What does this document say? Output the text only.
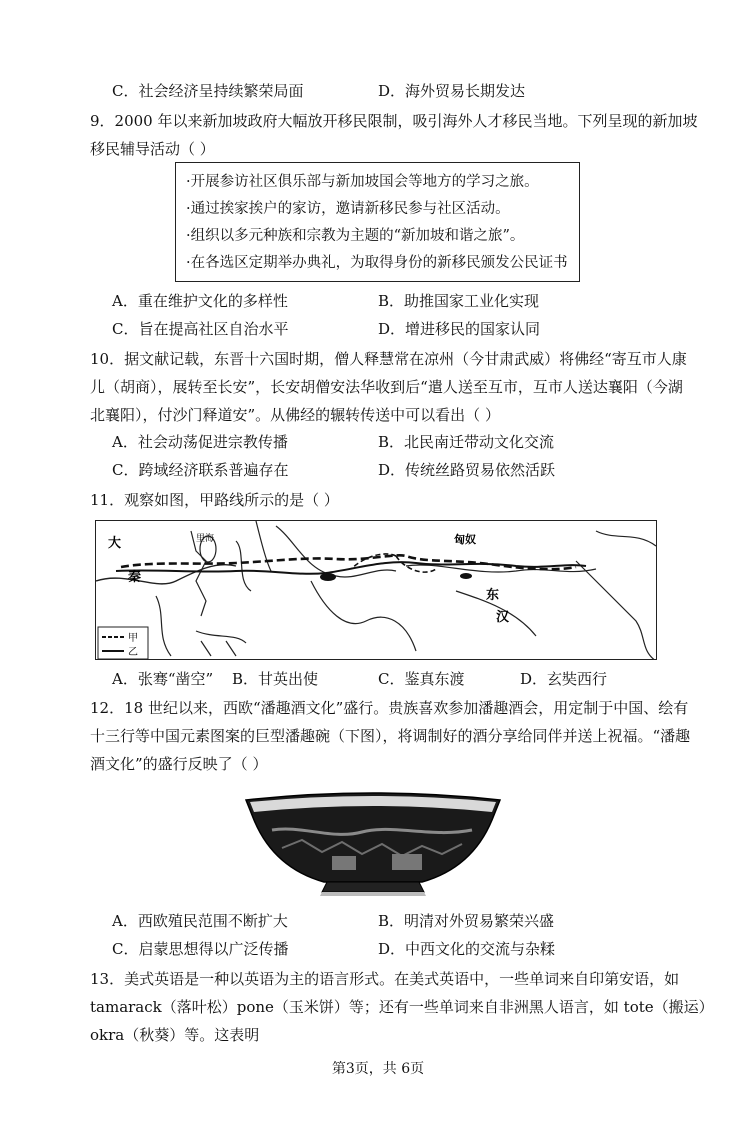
C．社会经济呈持续繁荣局面	D．海外贸易长期发达
9．2000 年以来新加坡政府大幅放开移民限制，吸引海外人才移民当地。下列呈现的新加坡
移民辅导活动（ ）
·开展参访社区俱乐部与新加坡国会等地方的学习之旅。
·通过挨家挨户的家访，邀请新移民参与社区活动。
·组织以多元种族和宗教为主题的“新加坡和谐之旅”。
·在各选区定期举办典礼，为取得身份的新移民颁发公民证书
A．重在维护文化的多样性	B．助推国家工业化实现
C．旨在提高社区自治水平	D．增进移民的国家认同
10．据文献记载，东晋十六国时期，僧人释慧常在凉州（今甘肃武威）将佛经“寄互市人康
儿（胡商），展转至长安”，长安胡僧安法华收到后“遣人送至互市，互市人送达襄阳（今湖
北襄阳），付沙门释道安”。从佛经的辗转传送中可以看出（ ）
A．社会动荡促进宗教传播	B．北民南迁带动文化交流
C．跨域经济联系普遍存在	D．传统丝路贸易依然活跃
11．观察如图，甲路线所示的是（ ）
大
秦
里海	匈奴
东
汉
甲
乙
A．张骞“凿空” B．甘英出使	C．鉴真东渡	D．玄奘西行
12．18 世纪以来，西欧“潘趣酒文化”盛行。贵族喜欢参加潘趣酒会，用定制于中国、绘有
十三行等中国元素图案的巨型潘趣碗（下图），将调制好的酒分享给同伴并送上祝福。“潘趣
酒文化”的盛行反映了（ ）
A．西欧殖民范围不断扩大	B．明清对外贸易繁荣兴盛
C．启蒙思想得以广泛传播	D．中西文化的交流与杂糅
13．美式英语是一种以英语为主的语言形式。在美式英语中，一些单词来自印第安语，如
tamarack（落叶松）pone（玉米饼）等；还有一些单词来自非洲黑人语言，如 tote（搬运）
okra（秋葵）等。这表明
第3页，共 6页
